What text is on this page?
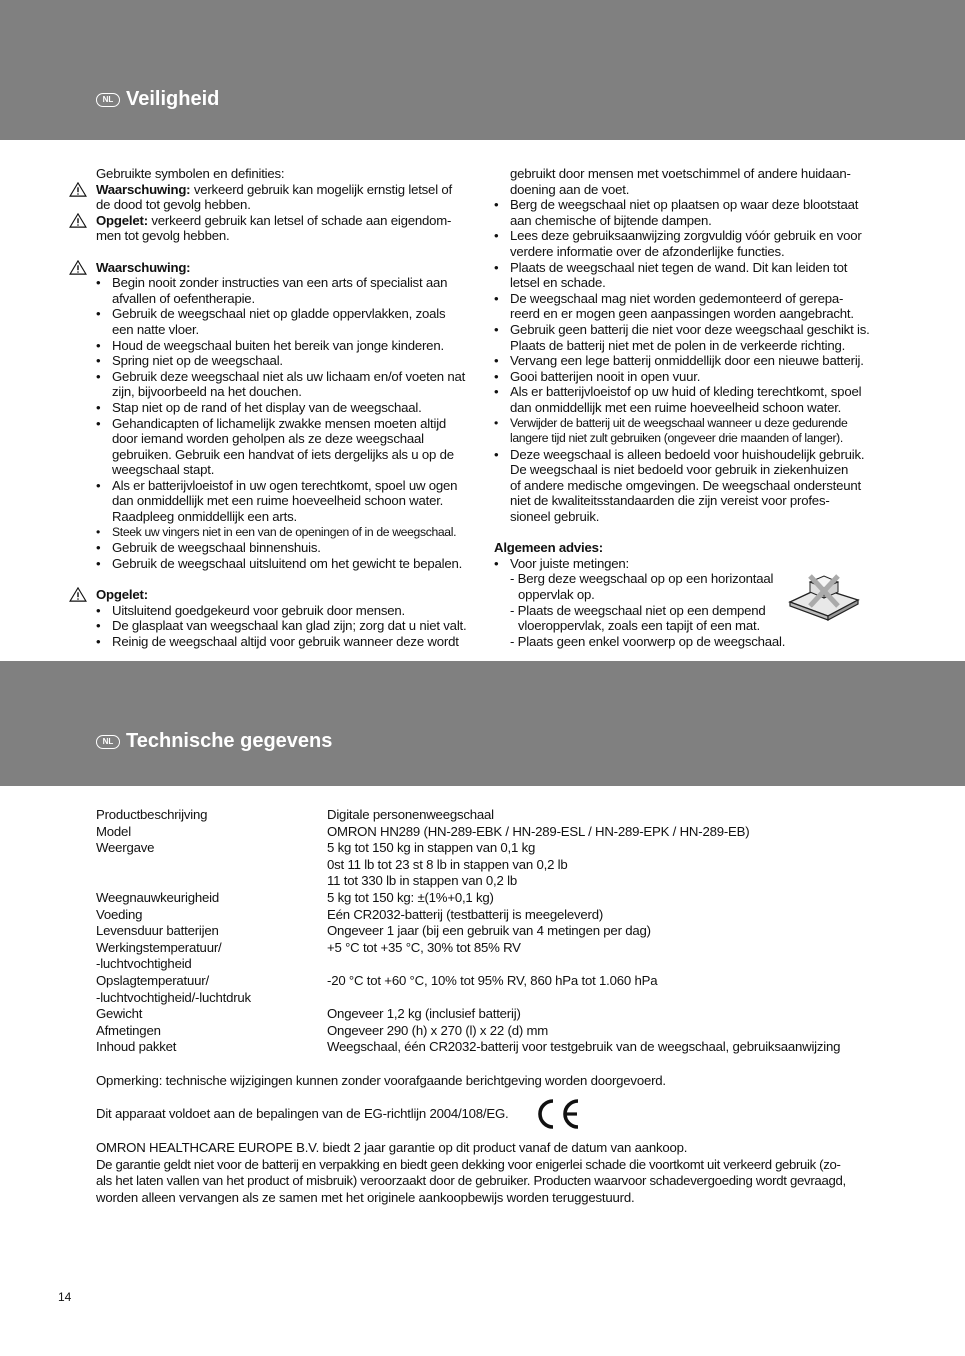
NL Veiligheid
Gebruikte symbolen en definities:
Waarschuwing: verkeerd gebruik kan mogelijk ernstig letsel of
de dood tot gevolg hebben.
Opgelet: verkeerd gebruik kan letsel of schade aan eigendom-
men tot gevolg hebben.
Waarschuwing:
• Begin nooit zonder instructies van een arts of specialist aan
afvallen of oefentherapie.
• Gebruik de weegschaal niet op gladde oppervlakken, zoals
een natte vloer.
• Houd de weegschaal buiten het bereik van jonge kinderen.
• Spring niet op de weegschaal.
• Gebruik deze weegschaal niet als uw lichaam en/of voeten nat
zijn, bijvoorbeeld na het douchen.
• Stap niet op de rand of het display van de weegschaal.
• Gehandicapten of lichamelijk zwakke mensen moeten altijd
door iemand worden geholpen als ze deze weegschaal
gebruiken. Gebruik een handvat of iets dergelijks als u op de
weegschaal stapt.
• Als er batterijvloeistof in uw ogen terechtkomt, spoel uw ogen
dan onmiddellijk met een ruime hoeveelheid schoon water.
Raadpleeg onmiddellijk een arts.
• Steek uw vingers niet in een van de openingen of in de weegschaal.
• Gebruik de weegschaal binnenshuis.
• Gebruik de weegschaal uitsluitend om het gewicht te bepalen.
Opgelet:
• Uitsluitend goedgekeurd voor gebruik door mensen.
• De glasplaat van weegschaal kan glad zijn; zorg dat u niet valt.
• Reinig de weegschaal altijd voor gebruik wanneer deze wordt
gebruikt door mensen met voetschimmel of andere huidaan-
doening aan de voet.
• Berg de weegschaal niet op plaatsen op waar deze blootstaat
aan chemische of bijtende dampen.
• Lees deze gebruiksaanwijzing zorgvuldig vóór gebruik en voor
verdere informatie over de afzonderlijke functies.
• Plaats de weegschaal niet tegen de wand. Dit kan leiden tot
letsel en schade.
• De weegschaal mag niet worden gedemonteerd of gerepa-
reerd en er mogen geen aanpassingen worden aangebracht.
• Gebruik geen batterij die niet voor deze weegschaal geschikt is.
Plaats de batterij niet met de polen in de verkeerde richting.
• Vervang een lege batterij onmiddellijk door een nieuwe batterij.
• Gooi batterijen nooit in open vuur.
• Als er batterijvloeistof op uw huid of kleding terechtkomt, spoel
dan onmiddellijk met een ruime hoeveelheid schoon water.
• Verwijder de batterij uit de weegschaal wanneer u deze gedurende
langere tijd niet zult gebruiken (ongeveer drie maanden of langer).
• Deze weegschaal is alleen bedoeld voor huishoudelijk gebruik.
De weegschaal is niet bedoeld voor gebruik in ziekenhuizen
of andere medische omgevingen. De weegschaal ondersteunt
niet de kwaliteitsstandaarden die zijn vereist voor profes-
sioneel gebruik.
Algemeen advies:
• Voor juiste metingen:
- Berg deze weegschaal op op een horizontaal
oppervlak op.
- Plaats de weegschaal niet op een dempend
vloeroppervlak, zoals een tapijt of een mat.
- Plaats geen enkel voorwerp op de weegschaal.
NL Technische gegevens
Productbeschrijving	Digitale personenweegschaal
Model	OMRON HN289 (HN-289-EBK / HN-289-ESL / HN-289-EPK / HN-289-EB)
Weergave	5 kg tot 150 kg in stappen van 0,1 kg
0st 11 lb tot 23 st 8 lb in stappen van 0,2 lb
11 tot 330 lb in stappen van 0,2 lb
Weegnauwkeurigheid	5 kg tot 150 kg: ±(1%+0,1 kg)
Voeding	Eén CR2032-batterij (testbatterij is meegeleverd)
Levensduur batterijen	Ongeveer 1 jaar (bij een gebruik van 4 metingen per dag)
Werkingstemperatuur/	+5 °C tot +35 °C, 30% tot 85% RV
-luchtvochtigheid
Opslagtemperatuur/	-20 °C tot +60 °C, 10% tot 95% RV, 860 hPa tot 1.060 hPa
-luchtvochtigheid/-luchtdruk
Gewicht	Ongeveer 1,2 kg (inclusief batterij)
Afmetingen	Ongeveer 290 (h) x 270 (l) x 22 (d) mm
Inhoud pakket	Weegschaal, één CR2032-batterij voor testgebruik van de weegschaal, gebruiksaanwijzing
Opmerking: technische wijzigingen kunnen zonder voorafgaande berichtgeving worden doorgevoerd.
Dit apparaat voldoet aan de bepalingen van de EG-richtlijn 2004/108/EG.
CE
OMRON HEALTHCARE EUROPE B.V. biedt 2 jaar garantie op dit product vanaf de datum van aankoop.
De garantie geldt niet voor de batterij en verpakking en biedt geen dekking voor enigerlei schade die voortkomt uit verkeerd gebruik (zo-
als het laten vallen van het product of misbruik) veroorzaakt door de gebruiker. Producten waarvoor schadevergoeding wordt gevraagd,
worden alleen vervangen als ze samen met het originele aankoopbewijs worden teruggestuurd.
14
